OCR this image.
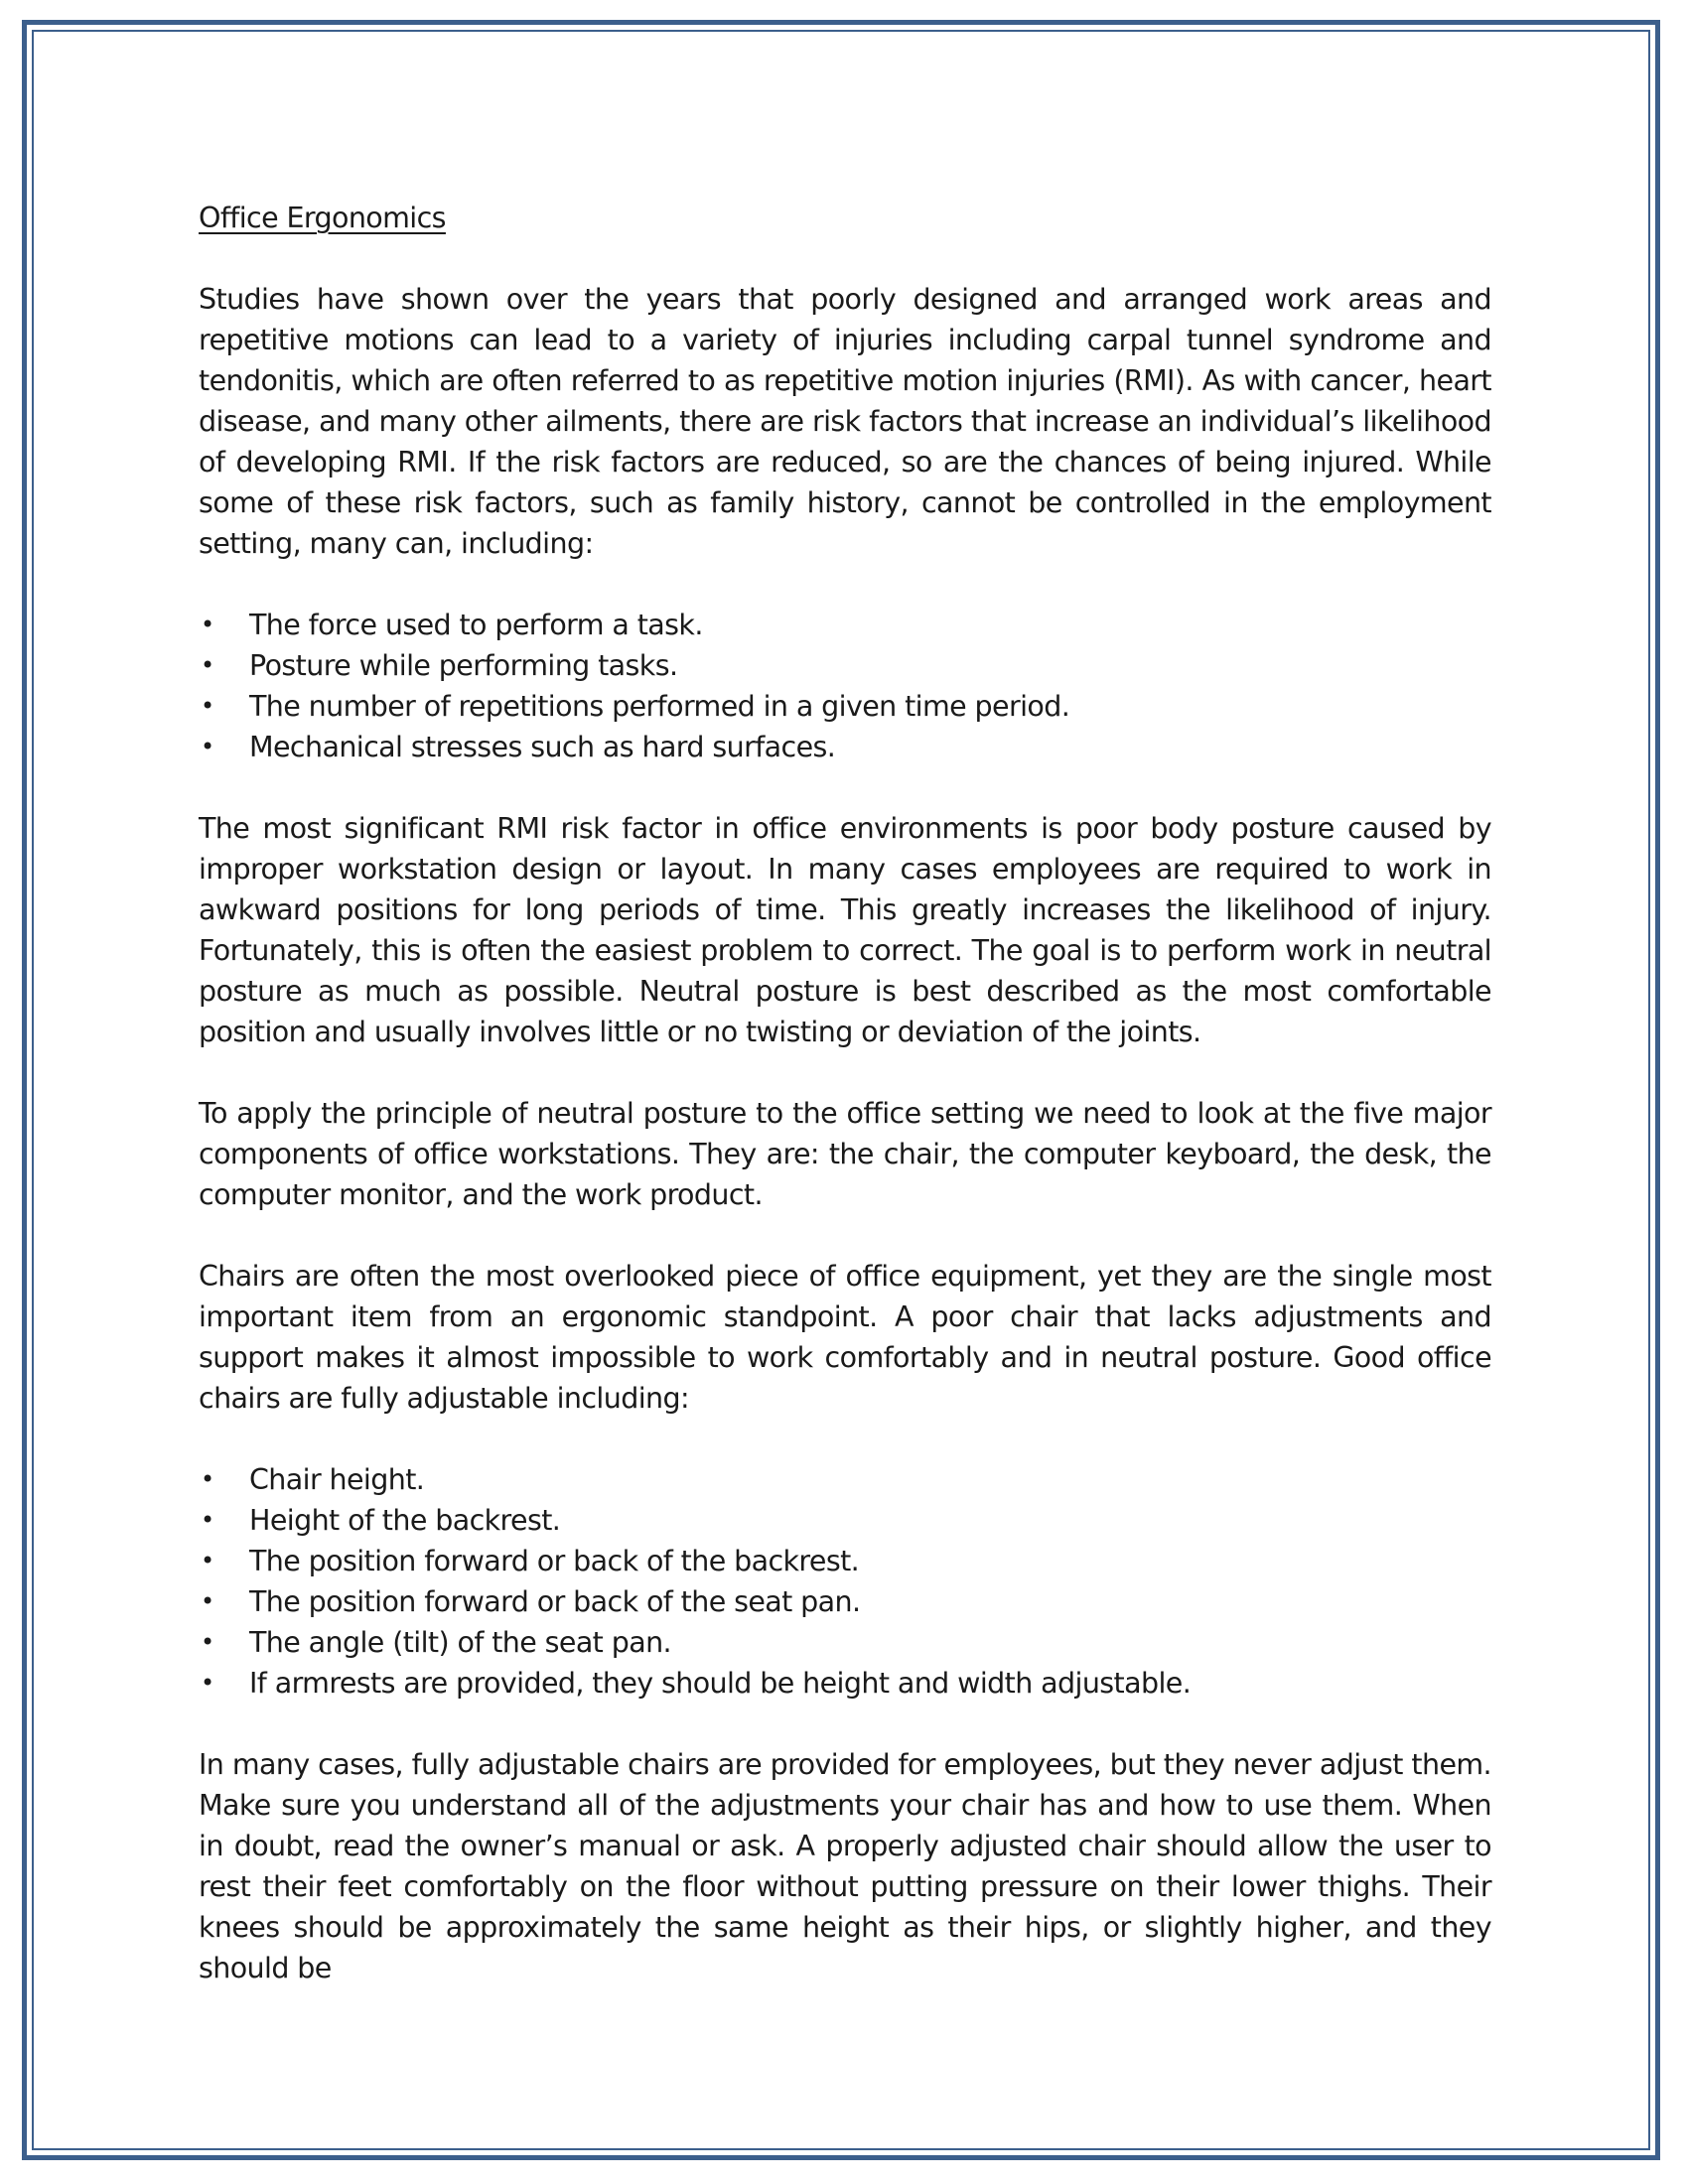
Office Ergonomics

Studies have shown over the years that poorly designed and arranged work areas and repetitive motions can lead to a variety of injuries including carpal tunnel syndrome and tendonitis, which are often referred to as repetitive motion injuries (RMI). As with cancer, heart disease, and many other ailments, there are risk factors that increase an individual’s likelihood of developing RMI. If the risk factors are reduced, so are the chances of being injured. While some of these risk factors, such as family history, cannot be controlled in the employment setting, many can, including:

• The force used to perform a task.
• Posture while performing tasks.
• The number of repetitions performed in a given time period.
• Mechanical stresses such as hard surfaces.

The most significant RMI risk factor in office environments is poor body posture caused by improper workstation design or layout. In many cases employees are required to work in awkward positions for long periods of time. This greatly increases the likelihood of injury. Fortunately, this is often the easiest problem to correct. The goal is to perform work in neutral posture as much as possible. Neutral posture is best described as the most comfortable position and usually involves little or no twisting or deviation of the joints.

To apply the principle of neutral posture to the office setting we need to look at the five major components of office workstations. They are: the chair, the computer keyboard, the desk, the computer monitor, and the work product.

Chairs are often the most overlooked piece of office equipment, yet they are the single most important item from an ergonomic standpoint. A poor chair that lacks adjustments and support makes it almost impossible to work comfortably and in neutral posture. Good office chairs are fully adjustable including:

• Chair height.
• Height of the backrest.
• The position forward or back of the backrest.
• The position forward or back of the seat pan.
• The angle (tilt) of the seat pan.
• If armrests are provided, they should be height and width adjustable.

In many cases, fully adjustable chairs are provided for employees, but they never adjust them. Make sure you understand all of the adjustments your chair has and how to use them. When in doubt, read the owner’s manual or ask. A properly adjusted chair should allow the user to rest their feet comfortably on the floor without putting pressure on their lower thighs. Their knees should be approximately the same height as their hips, or slightly higher, and they should be
